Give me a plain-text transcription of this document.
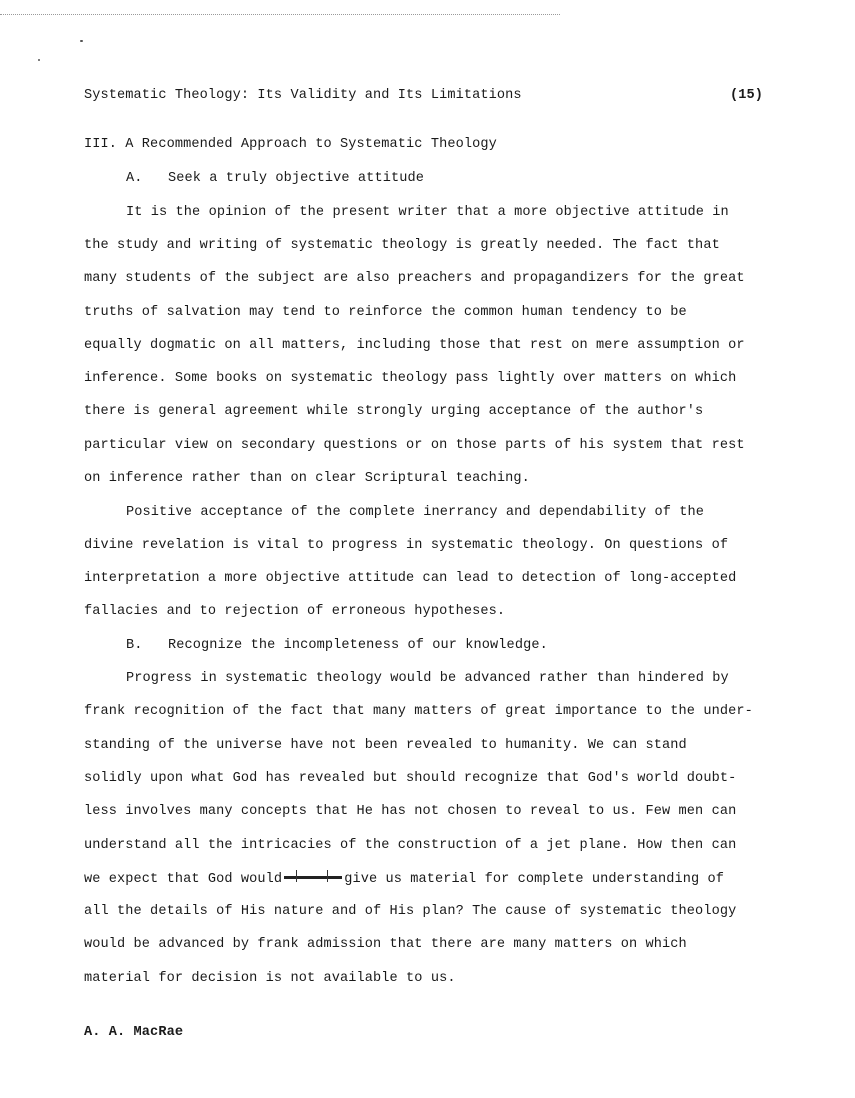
Systematic Theology: Its Validity and Its Limitations	(15)
III. A Recommended Approach to Systematic Theology
A. Seek a truly objective attitude
It is the opinion of the present writer that a more objective attitude in
the study and writing of systematic theology is greatly needed. The fact that
many students of the subject are also preachers and propagandizers for the great
truths of salvation may tend to reinforce the common human tendency to be
equally dogmatic on all matters, including those that rest on mere assumption or
inference. Some books on systematic theology pass lightly over matters on which
there is general agreement while strongly urging acceptance of the author's
particular view on secondary questions or on those parts of his system that rest
on inference rather than on clear Scriptural teaching.
Positive acceptance of the complete inerrancy and dependability of the
divine revelation is vital to progress in systematic theology. On questions of
interpretation a more objective attitude can lead to detection of long-accepted
fallacies and to rejection of erroneous hypotheses.
B. Recognize the incompleteness of our knowledge.
Progress in systematic theology would be advanced rather than hindered by
frank recognition of the fact that many matters of great importance to the under-
standing of the universe have not been revealed to humanity. We can stand
solidly upon what God has revealed but should recognize that God's world doubt-
less involves many concepts that He has not chosen to reveal to us. Few men can
understand all the intricacies of the construction of a jet plane. How then can
we expect that God would	give us material for complete understanding of
all the details of His nature and of His plan? The cause of systematic theology
would be advanced by frank admission that there are many matters on which
material for decision is not available to us.
A. A. MacRae
